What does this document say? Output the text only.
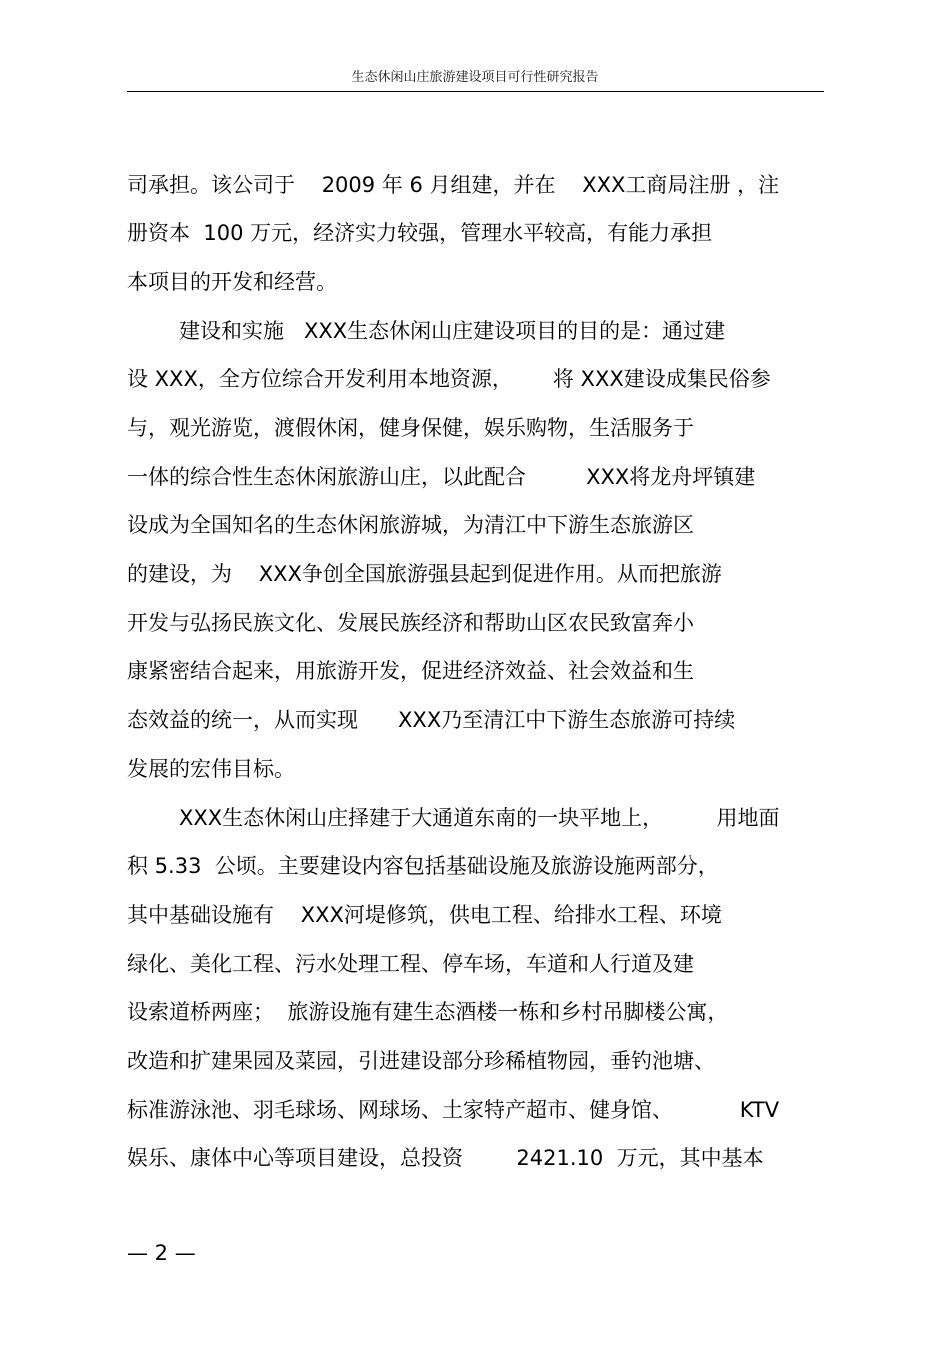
生态休闲山庄旅游建设项目可行性研究报告
司承担。该公司于    2009 年 6 月组建，并在    XXX工商局注册 ，注
册资本  100 万元，经济实力较强，管理水平较高，有能力承担
本项目的开发和经营。
建设和实施   XXX生态休闲山庄建设项目的目的是：通过建
设 XXX，全方位综合开发利用本地资源，      将 XXX建设成集民俗参
与，观光游览，渡假休闲，健身保健，娱乐购物，生活服务于
一体的综合性生态休闲旅游山庄，以此配合         XXX将龙舟坪镇建
设成为全国知名的生态休闲旅游城，为清江中下游生态旅游区
的建设，为    XXX争创全国旅游强县起到促进作用。从而把旅游
开发与弘扬民族文化、发展民族经济和帮助山区农民致富奔小
康紧密结合起来，用旅游开发，促进经济效益、社会效益和生
态效益的统一，从而实现      XXX乃至清江中下游生态旅游可持续
发展的宏伟目标。
XXX生态休闲山庄择建于大通道东南的一块平地上，        用地面
积 5.33  公顷。主要建设内容包括基础设施及旅游设施两部分，
其中基础设施有    XXX河堤修筑，供电工程、给排水工程、环境
绿化、美化工程、污水处理工程、停车场，车道和人行道及建
设索道桥两座；  旅游设施有建生态酒楼一栋和乡村吊脚楼公寓，
改造和扩建果园及菜园，引进建设部分珍稀植物园，垂钓池塘、
标准游泳池、羽毛球场、网球场、土家特产超市、健身馆、          KTV
娱乐、康体中心等项目建设，总投资        2421.10  万元，其中基本
— 2 —
